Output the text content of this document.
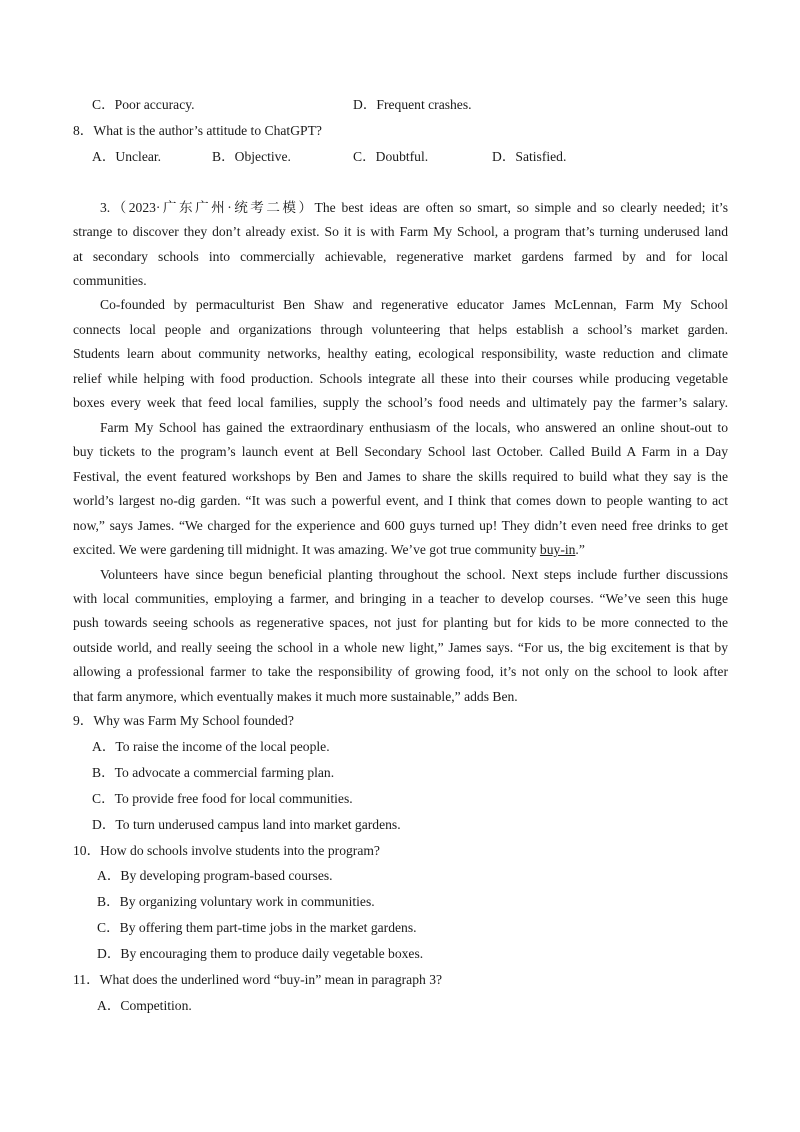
C．Poor accuracy.	D．Frequent crashes.
8．What is the author’s attitude to ChatGPT?
A．Unclear.	B．Objective.	C．Doubtful.	D．Satisfied.
3.（2023·广东广州·统考二模）The best ideas are often so smart, so simple and so clearly needed; it’s
strange to discover they don’t already exist. So it is with Farm My School, a program that’s turning underused land
at secondary schools into commercially achievable, regenerative market gardens farmed by and for local
communities.
Co-founded by permaculturist Ben Shaw and regenerative educator James McLennan, Farm My School
connects local people and organizations through volunteering that helps establish a school’s market garden.
Students learn about community networks, healthy eating, ecological responsibility, waste reduction and climate
relief while helping with food production. Schools integrate all these into their courses while producing vegetable
boxes every week that feed local families, supply the school’s food needs and ultimately pay the farmer’s salary.
Farm My School has gained the extraordinary enthusiasm of the locals, who answered an online shout-out to
buy tickets to the program’s launch event at Bell Secondary School last October. Called Build A Farm in a Day
Festival, the event featured workshops by Ben and James to share the skills required to build what they say is the
world’s largest no-dig garden. “It was such a powerful event, and I think that comes down to people wanting to act
now,” says James. “We charged for the experience and 600 guys turned up! They didn’t even need free drinks to get
excited. We were gardening till midnight. It was amazing. We’ve got true community buy-in.”
Volunteers have since begun beneficial planting throughout the school. Next steps include further discussions
with local communities, employing a farmer, and bringing in a teacher to develop courses. “We’ve seen this huge
push towards seeing schools as regenerative spaces, not just for planting but for kids to be more connected to the
outside world, and really seeing the school in a whole new light,” James says. “For us, the big excitement is that by
allowing a professional farmer to take the responsibility of growing food, it’s not only on the school to look after
that farm anymore, which eventually makes it much more sustainable,” adds Ben.
9．Why was Farm My School founded?
A．To raise the income of the local people.
B．To advocate a commercial farming plan.
C．To provide free food for local communities.
D．To turn underused campus land into market gardens.
10．How do schools involve students into the program?
A．By developing program-based courses.
B．By organizing voluntary work in communities.
C．By offering them part-time jobs in the market gardens.
D．By encouraging them to produce daily vegetable boxes.
11．What does the underlined word “buy-in” mean in paragraph 3?
A．Competition.
